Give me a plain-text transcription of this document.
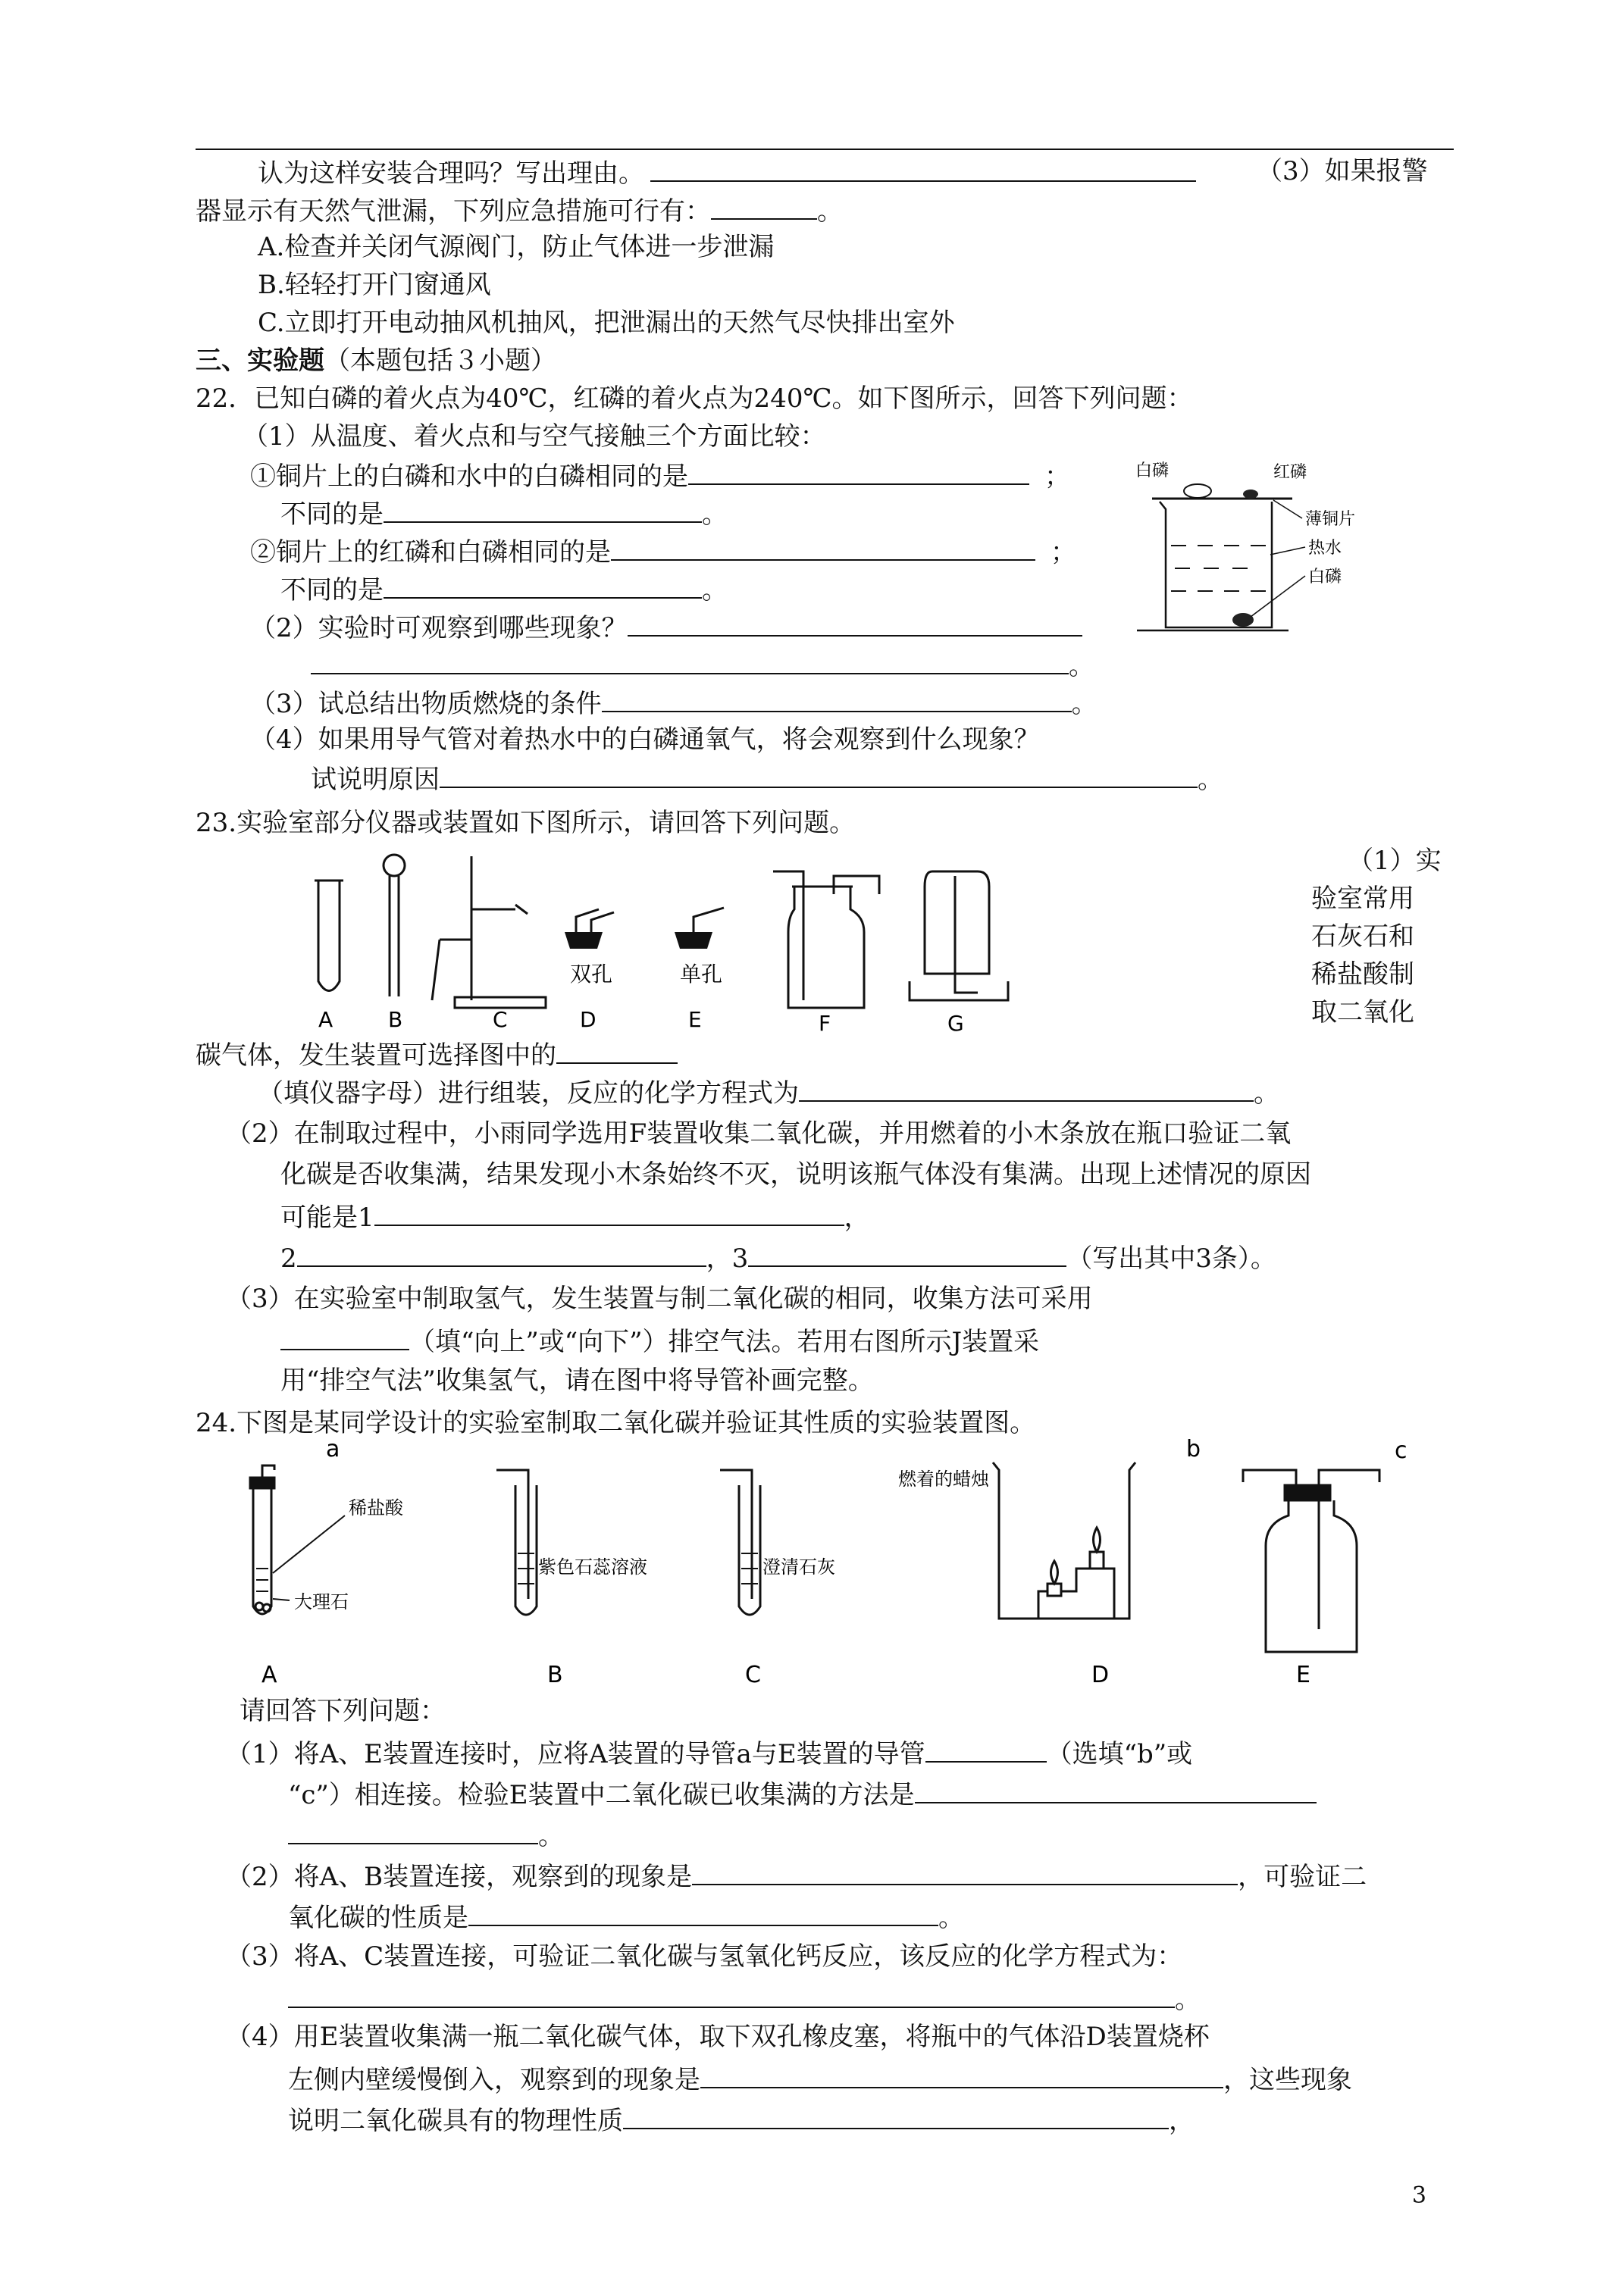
认为这样安装合理吗？写出理由。	（3）如果报警
器显示有天然气泄漏，下列应急措施可行有：	。
A.检查并关闭气源阀门，防止气体进一步泄漏
B.轻轻打开门窗通风
C.立即打开电动抽风机抽风，把泄漏出的天然气尽快排出室外
三、实验题（本题包括３小题）
22．已知白磷的着火点为40℃，红磷的着火点为240℃。如下图所示，回答下列问题：
（1）从温度、着火点和与空气接触三个方面比较：
①铜片上的白磷和水中的白磷相同的是	；
不同的是	。
②铜片上的红磷和白磷相同的是	；
不同的是	。
（2）实验时可观察到哪些现象？
。
（3）试总结出物质燃烧的条件	。
（4）如果用导气管对着热水中的白磷通氧气，将会观察到什么现象？
试说明原因	。
白磷	红磷
薄铜片
热水
白磷
23.实验室部分仪器或装置如下图所示，请回答下列问题。
双孔	单孔
A	B	C	D	E	F	G
（1）实
验室常用
石灰石和
稀盐酸制
取二氧化
碳气体，发生装置可选择图中的
（填仪器字母）进行组装，反应的化学方程式为	。
（2）在制取过程中，小雨同学选用F装置收集二氧化碳，并用燃着的小木条放在瓶口验证二氧
化碳是否收集满，结果发现小木条始终不灭，说明该瓶气体没有集满。出现上述情况的原因
可能是1	，
2	，3	（写出其中3条）。
（3）在实验室中制取氢气，发生装置与制二氧化碳的相同，收集方法可采用
（填“向上”或“向下”）排空气法。若用右图所示J装置采
用“排空气法”收集氢气，请在图中将导管补画完整。
24.下图是某同学设计的实验室制取二氧化碳并验证其性质的实验装置图。
a
稀盐酸
大理石
紫色石蕊溶液	澄清石灰
燃着的蜡烛
b	c
A	B	C	D	E
请回答下列问题：
（1）将A、E装置连接时，应将A装置的导管a与E装置的导管	（选填“b”或
“c”）相连接。检验E装置中二氧化碳已收集满的方法是
。
（2）将A、B装置连接，观察到的现象是	，可验证二
氧化碳的性质是	。
（3）将A、C装置连接，可验证二氧化碳与氢氧化钙反应，该反应的化学方程式为：
。
（4）用E装置收集满一瓶二氧化碳气体，取下双孔橡皮塞，将瓶中的气体沿D装置烧杯
左侧内壁缓慢倒入，观察到的现象是	，这些现象
说明二氧化碳具有的物理性质	，
3
